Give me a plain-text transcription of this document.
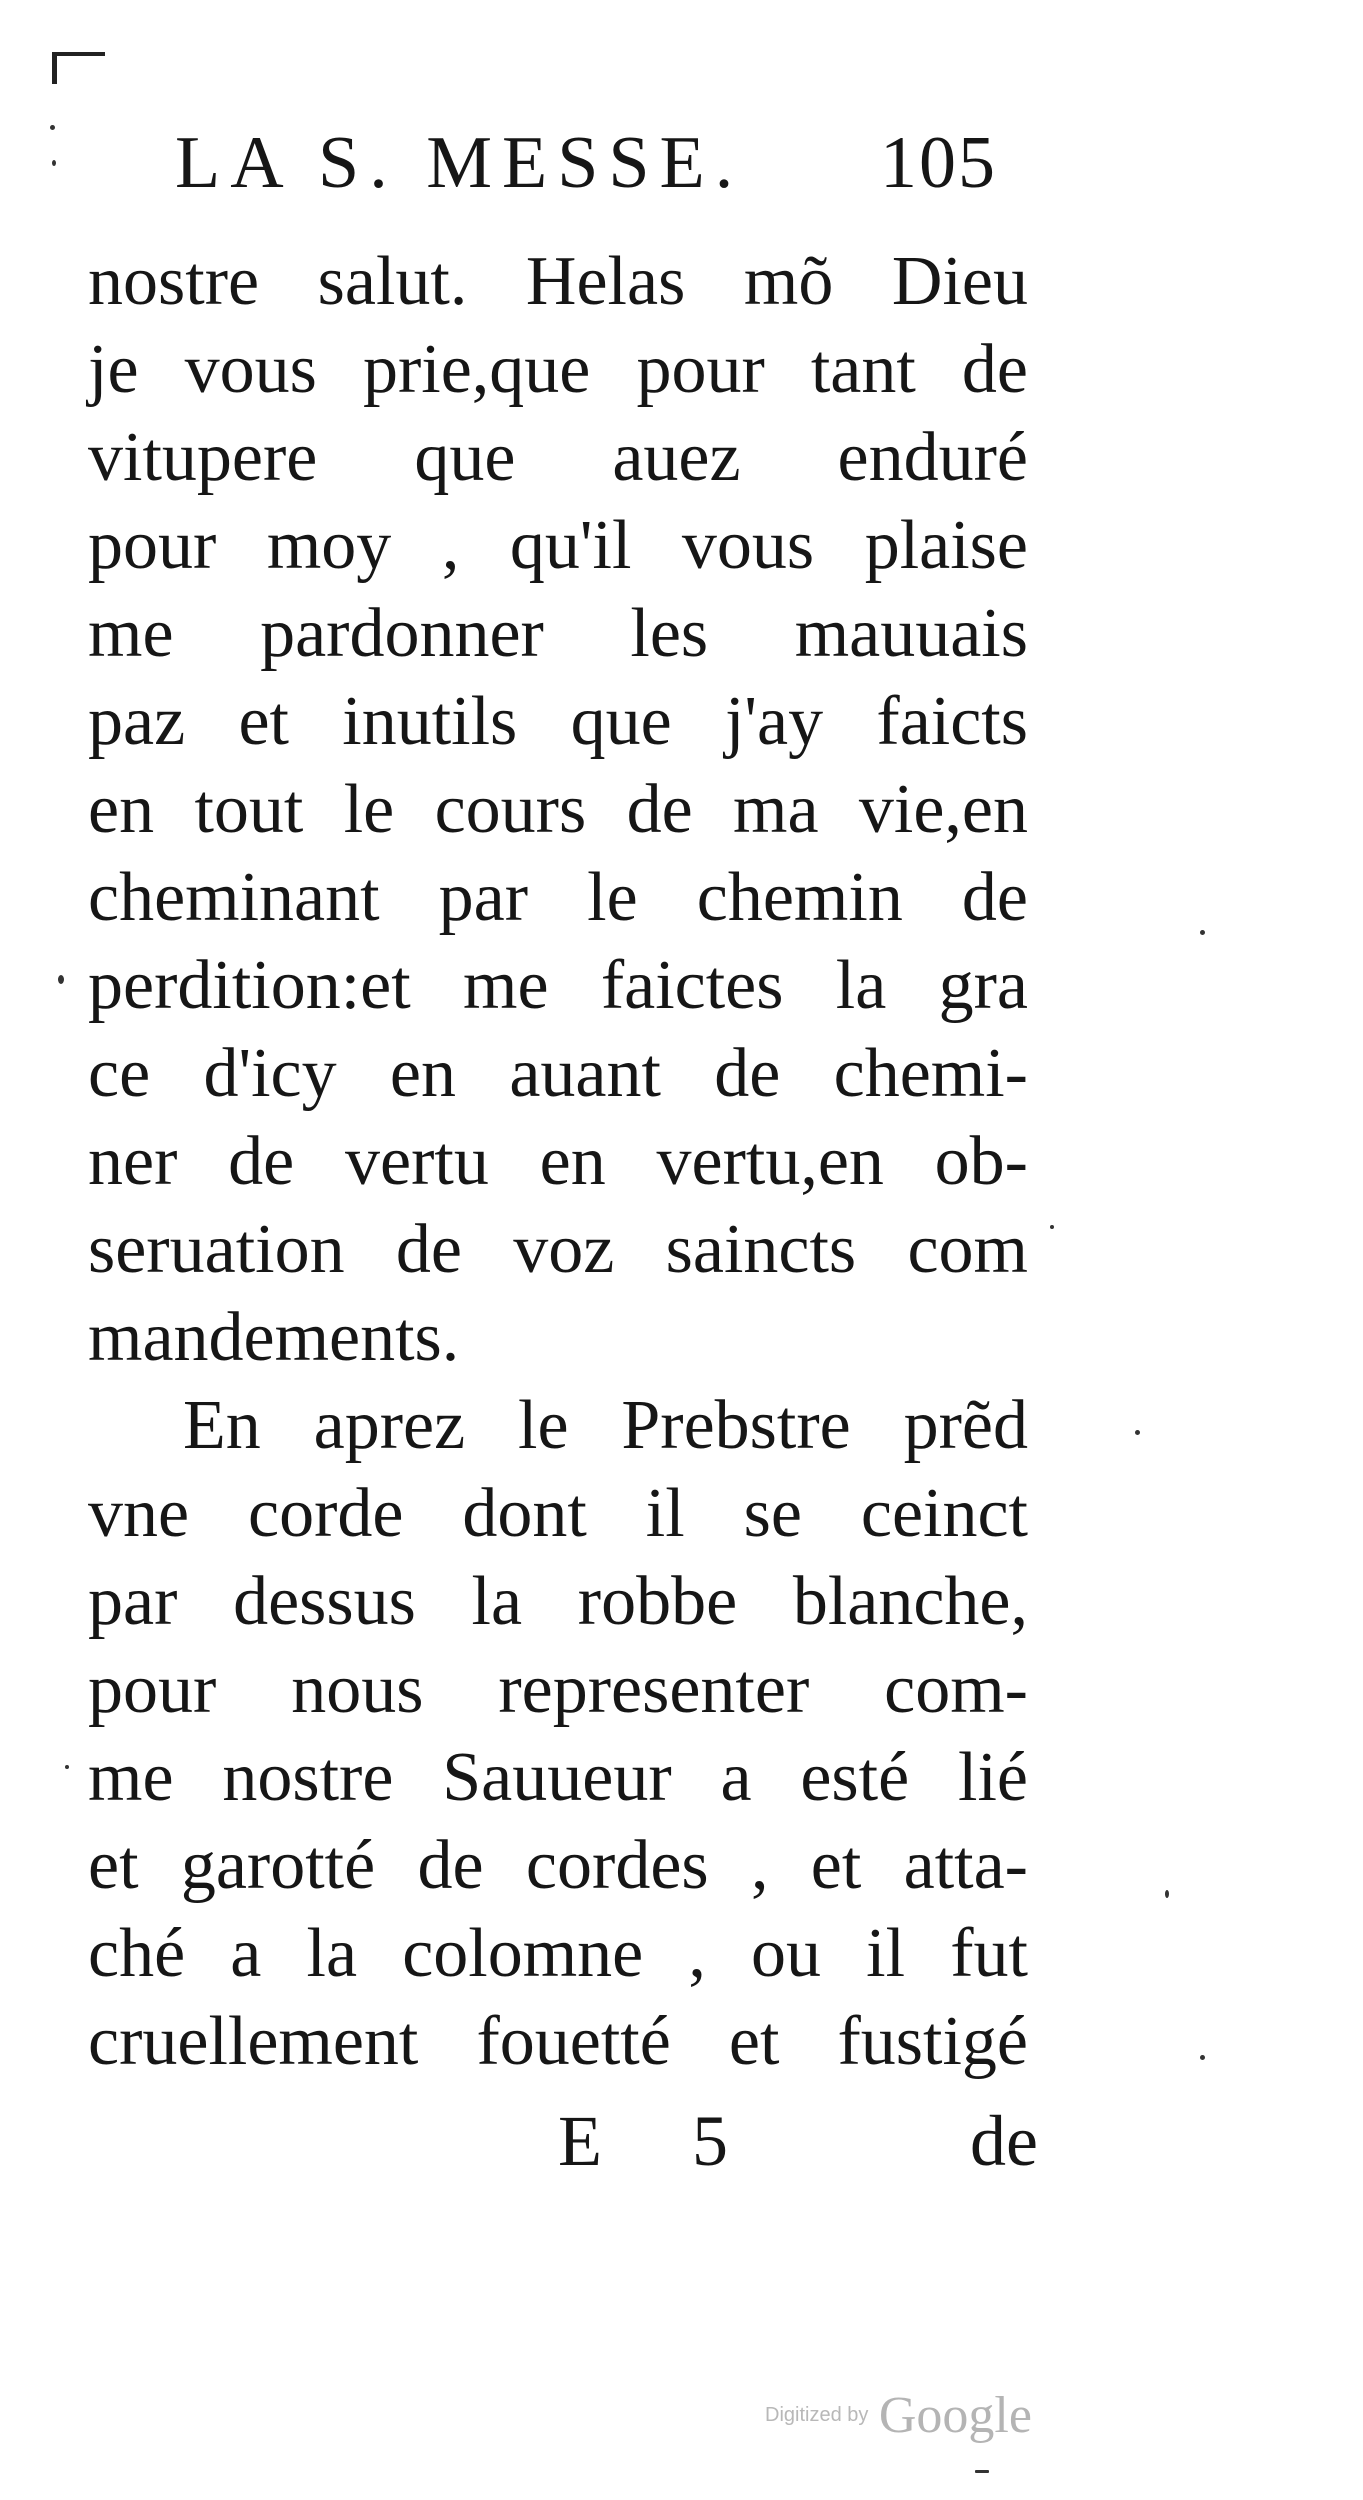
LA S. MESSE. 105
nostre salut. Helas mõ Dieu
je vous prie,que pour tant de
vitupere que auez enduré
pour moy , qu'il vous plaise
me pardonner les mauuais
paz et inutils que j'ay faicts
en tout le cours de ma vie,en
cheminant par le chemin de
perdition:et me faictes la gra
ce d'icy en auant de chemi-
ner de vertu en vertu,en ob-
seruation de voz saincts com
mandements.
En aprez le Prebstre prẽd
vne corde dont il se ceinct
par dessus la robbe blanche,
pour nous representer com-
me nostre Sauueur a esté lié
et garotté de cordes , et atta-
ché a la colomne , ou il fut
cruellement fouetté et fustigé
E 5	de
Digitized by Google
